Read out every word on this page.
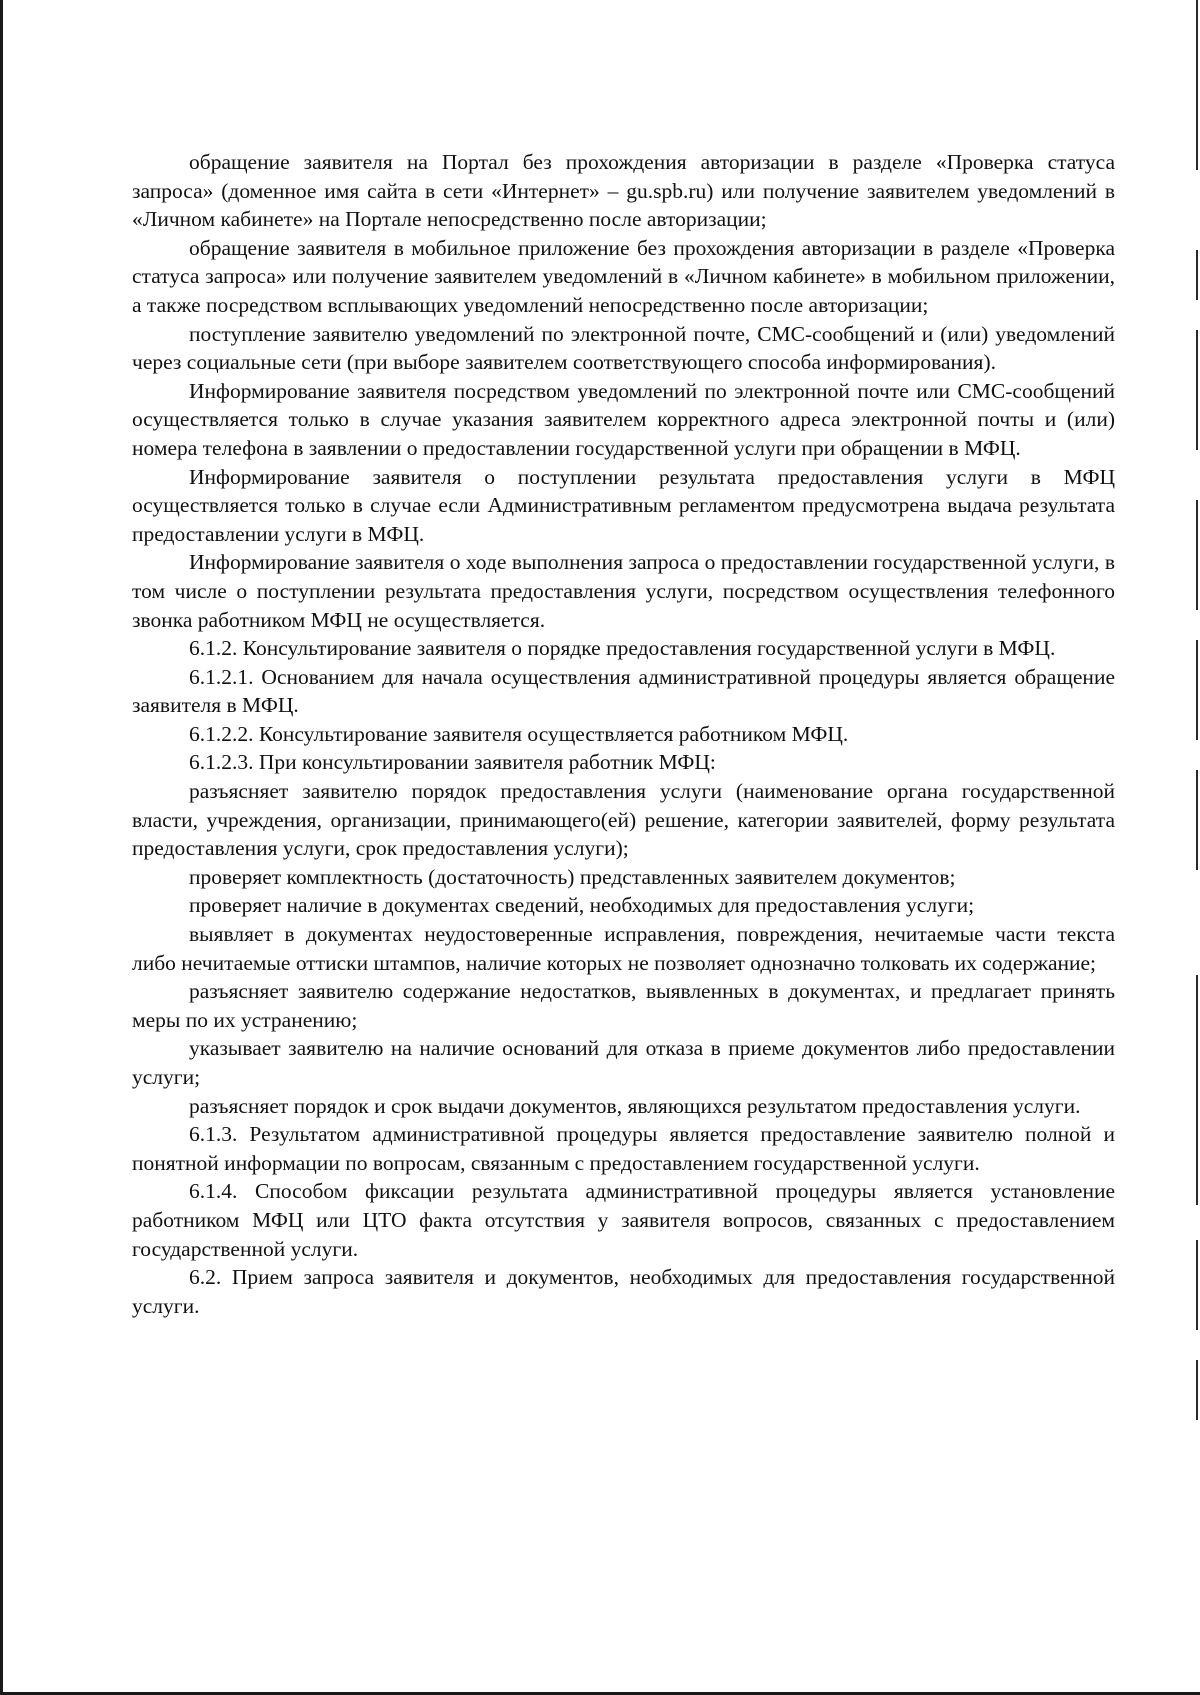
обращение заявителя на Портал без прохождения авторизации в разделе «Проверка статуса запроса» (доменное имя сайта в сети «Интернет» – gu.spb.ru) или получение заявителем уведомлений в «Личном кабинете» на Портале непосредственно после авторизации;

обращение заявителя в мобильное приложение без прохождения авторизации в разделе «Проверка статуса запроса» или получение заявителем уведомлений в «Личном кабинете» в мобильном приложении, а также посредством всплывающих уведомлений непосредственно после авторизации;

поступление заявителю уведомлений по электронной почте, СМС-сообщений и (или) уведомлений через социальные сети (при выборе заявителем соответствующего способа информирования).

Информирование заявителя посредством уведомлений по электронной почте или СМС-сообщений осуществляется только в случае указания заявителем корректного адреса электронной почты и (или) номера телефона в заявлении о предоставлении государственной услуги при обращении в МФЦ.

Информирование заявителя о поступлении результата предоставления услуги в МФЦ осуществляется только в случае если Административным регламентом предусмотрена выдача результата предоставлении услуги в МФЦ.

Информирование заявителя о ходе выполнения запроса о предоставлении государственной услуги, в том числе о поступлении результата предоставления услуги, посредством осуществления телефонного звонка работником МФЦ не осуществляется.

6.1.2. Консультирование заявителя о порядке предоставления государственной услуги в МФЦ.

6.1.2.1. Основанием для начала осуществления административной процедуры является обращение заявителя в МФЦ.

6.1.2.2. Консультирование заявителя осуществляется работником МФЦ.

6.1.2.3. При консультировании заявителя работник МФЦ:

разъясняет заявителю порядок предоставления услуги (наименование органа государственной власти, учреждения, организации, принимающего(ей) решение, категории заявителей, форму результата предоставления услуги, срок предоставления услуги);

проверяет комплектность (достаточность) представленных заявителем документов;

проверяет наличие в документах сведений, необходимых для предоставления услуги;

выявляет в документах неудостоверенные исправления, повреждения, нечитаемые части текста либо нечитаемые оттиски штампов, наличие которых не позволяет однозначно толковать их содержание;

разъясняет заявителю содержание недостатков, выявленных в документах, и предлагает принять меры по их устранению;

указывает заявителю на наличие оснований для отказа в приеме документов либо предоставлении услуги;

разъясняет порядок и срок выдачи документов, являющихся результатом предоставления услуги.

6.1.3. Результатом административной процедуры является предоставление заявителю полной и понятной информации по вопросам, связанным с предоставлением государственной услуги.

6.1.4. Способом фиксации результата административной процедуры является установление работником МФЦ или ЦТО факта отсутствия у заявителя вопросов, связанных с предоставлением государственной услуги.

6.2. Прием запроса заявителя и документов, необходимых для предоставления государственной услуги.
